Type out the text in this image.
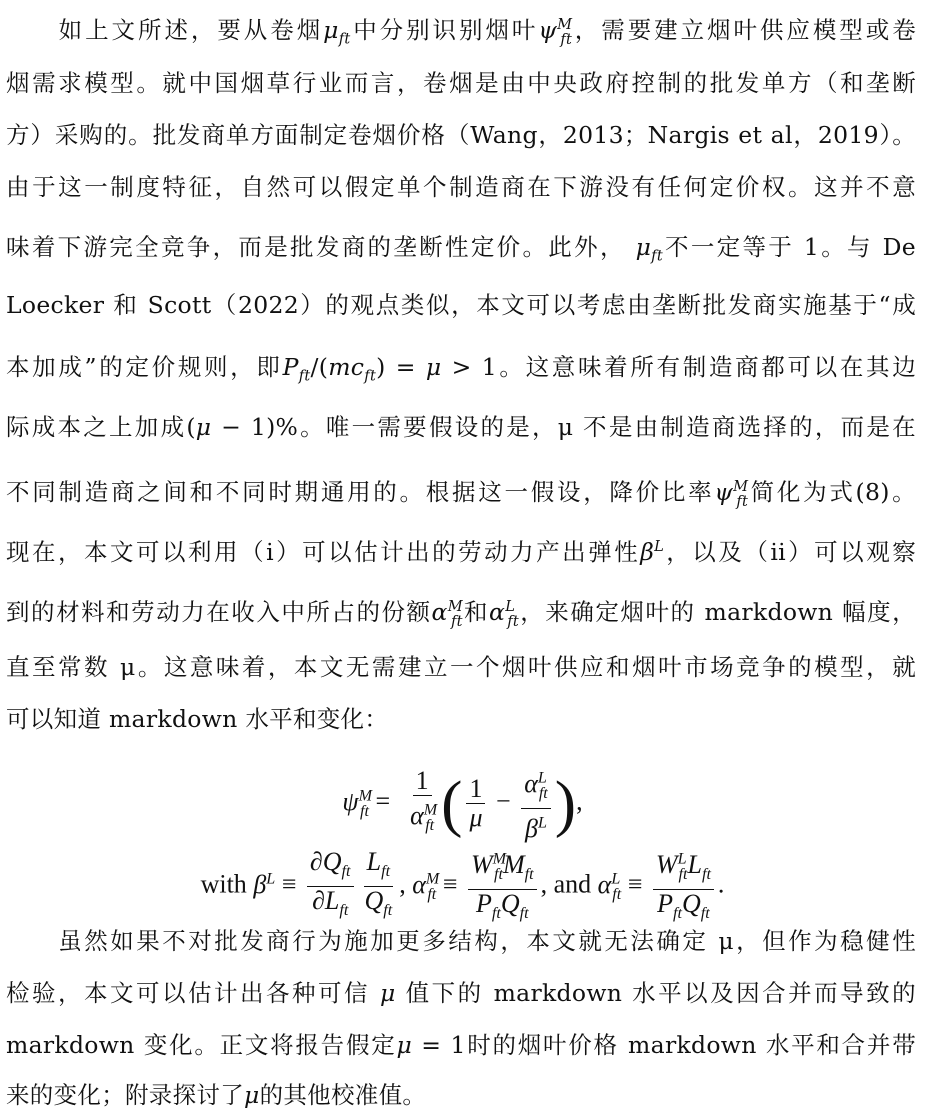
如上文所述，要从卷烟$\mu_{ft}$中分别识别烟叶$\psi^M_{ft}$，需要建立烟叶供应模型或卷
烟需求模型。就中国烟草行业而言，卷烟是由中央政府控制的批发单方（和垄断
方）采购的。批发商单方面制定卷烟价格（Wang，2013；Nargis et al，2019）。
由于这一制度特征，自然可以假定单个制造商在下游没有任何定价权。这并不意
味着下游完全竞争，而是批发商的垄断性定价。此外， $\mu_{ft}$不一定等于 1。与 De
Loecker 和 Scott（2022）的观点类似，本文可以考虑由垄断批发商实施基于“成
本加成”的定价规则，即$P_{ft}/(mc_{ft}) = \mu > 1$。这意味着所有制造商都可以在其边
际成本之上加成(μ − 1)%。唯一需要假设的是，μ 不是由制造商选择的，而是在
不同制造商之间和不同时期通用的。根据这一假设，降价比率$\psi^M_{ft}$简化为式(8)。
现在，本文可以利用（i）可以估计出的劳动力产出弹性$\beta^L$，以及（ii）可以观察
到的材料和劳动力在收入中所占的份额$\alpha^M_{ft}$和$\alpha^L_{ft}$，来确定烟叶的 markdown 幅度，
直至常数 μ。这意味着，本文无需建立一个烟叶供应和烟叶市场竞争的模型，就
可以知道 markdown 水平和变化：
$\psi^M_{ft} = \frac{1}{\alpha^M_{ft}}$ ( $\frac{1}{\mu} - \frac{\alpha^L_{ft}}{\beta^L}$ ),
with $\beta^L \equiv \frac{\partial Q_{ft}}{\partial L_{ft}} \frac{L_{ft}}{Q_{ft}}$ , $\alpha^M_{ft} \equiv \frac{W^M_{ft}M_{ft}}{P_{ft}Q_{ft}}$ , and $\alpha^L_{ft} \equiv \frac{W^L_{ft}L_{ft}}{P_{ft}Q_{ft}}$ .
虽然如果不对批发商行为施加更多结构，本文就无法确定 μ，但作为稳健性
检验，本文可以估计出各种可信 μ 值下的 markdown 水平以及因合并而导致的
markdown 变化。正文将报告假定μ = 1时的烟叶价格 markdown 水平和合并带
来的变化；附录探讨了μ的其他校准值。
